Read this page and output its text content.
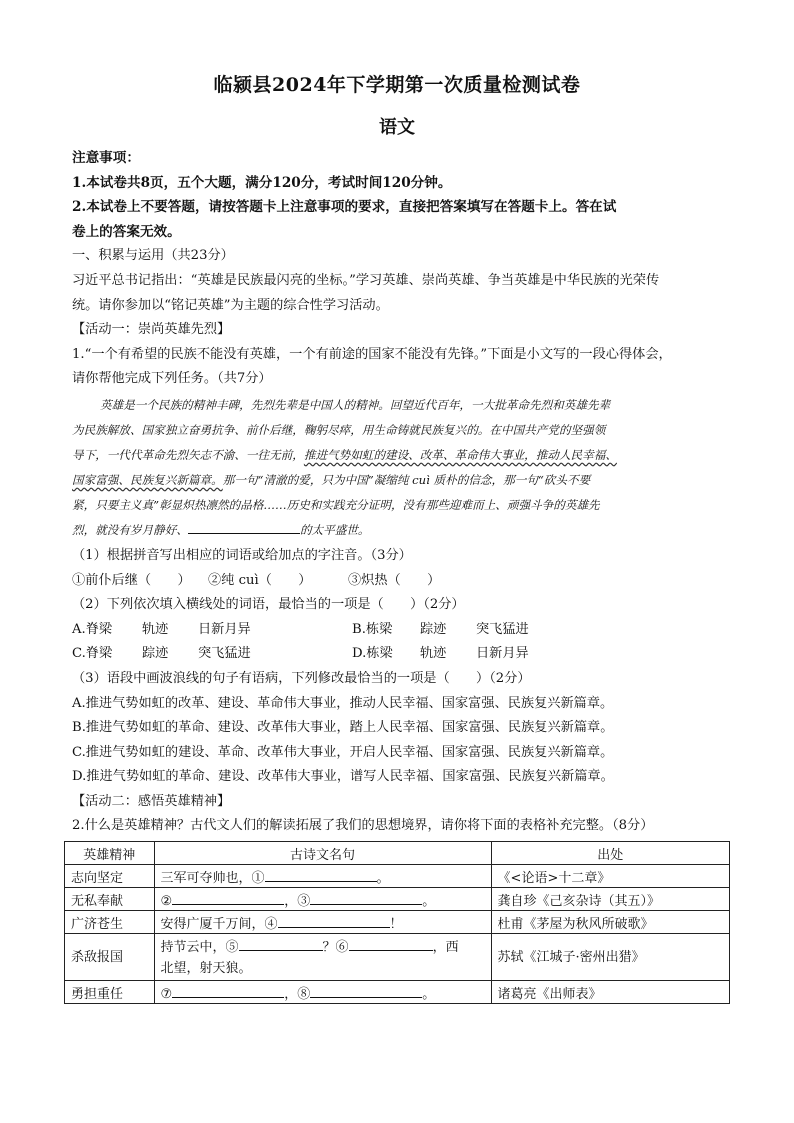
临颍县2024年下学期第一次质量检测试卷
语文
注意事项：
1.本试卷共8页，五个大题，满分120分，考试时间120分钟。
2.本试卷上不要答题，请按答题卡上注意事项的要求，直接把答案填写在答题卡上。答在试
卷上的答案无效。
一、积累与运用（共23分）
习近平总书记指出：“英雄是民族最闪亮的坐标。”学习英雄、崇尚英雄、争当英雄是中华民族的光荣传
统。请你参加以“铭记英雄”为主题的综合性学习活动。
【活动一：崇尚英雄先烈】
1.“一个有希望的民族不能没有英雄，一个有前途的国家不能没有先锋。”下面是小文写的一段心得体会，
请你帮他完成下列任务。（共7分）
英雄是一个民族的精神丰碑，先烈先辈是中国人的精神。回望近代百年，一大批革命先烈和英雄先辈
为民族解放、国家独立奋勇抗争、前仆后继，鞠躬尽瘁，用生命铸就民族复兴的。在中国共产党的坚强领
导下，一代代革命先烈矢志不渝、一往无前，推进气势如虹的建设、改革、革命伟大事业，推动人民幸福、
国家富强、民族复兴新篇章。那一句“清澈的爱，只为中国”凝缩纯 cuì 质朴的信念，那一句“砍头不要
紧，只要主义真”彰显炽热凛然的品格……历史和实践充分证明，没有那些迎难而上、顽强斗争的英雄先
烈，就没有岁月静好、	的太平盛世。
（1）根据拼音写出相应的词语或给加点的字注音。（3分）
①前仆后继（　　）	②纯 cuì（　　）	③炽热（　　）
（2）下列依次填入横线处的词语，最恰当的一项是（　　）（2分）
A.脊梁	轨迹	日新月异	B.栋梁	踪迹	突飞猛进
C.脊梁	踪迹	突飞猛进	D.栋梁	轨迹	日新月异
（3）语段中画波浪线的句子有语病，下列修改最恰当的一项是（　　）（2分）
A.推进气势如虹的改革、建设、革命伟大事业，推动人民幸福、国家富强、民族复兴新篇章。
B.推进气势如虹的革命、建设、改革伟大事业，踏上人民幸福、国家富强、民族复兴新篇章。
C.推进气势如虹的建设、革命、改革伟大事业，开启人民幸福、国家富强、民族复兴新篇章。
D.推进气势如虹的革命、建设、改革伟大事业，谱写人民幸福、国家富强、民族复兴新篇章。
【活动二：感悟英雄精神】
2.什么是英雄精神？古代文人们的解读拓展了我们的思想境界，请你将下面的表格补充完整。（8分）
英雄精神	古诗文名句	出处
志向坚定	三军可夺帅也，① 。	《<论语>十二章》
无私奉献	② ，③ 。	龚自珍《己亥杂诗（其五）》
广济苍生	安得广厦千万间，④ ！	杜甫《茅屋为秋风所破歌》
杀敌报国	持节云中，⑤ ？⑥ ，西
北望，射天狼。	苏轼《江城子·密州出猎》
勇担重任	⑦ ，⑧ 。	诸葛亮《出师表》
